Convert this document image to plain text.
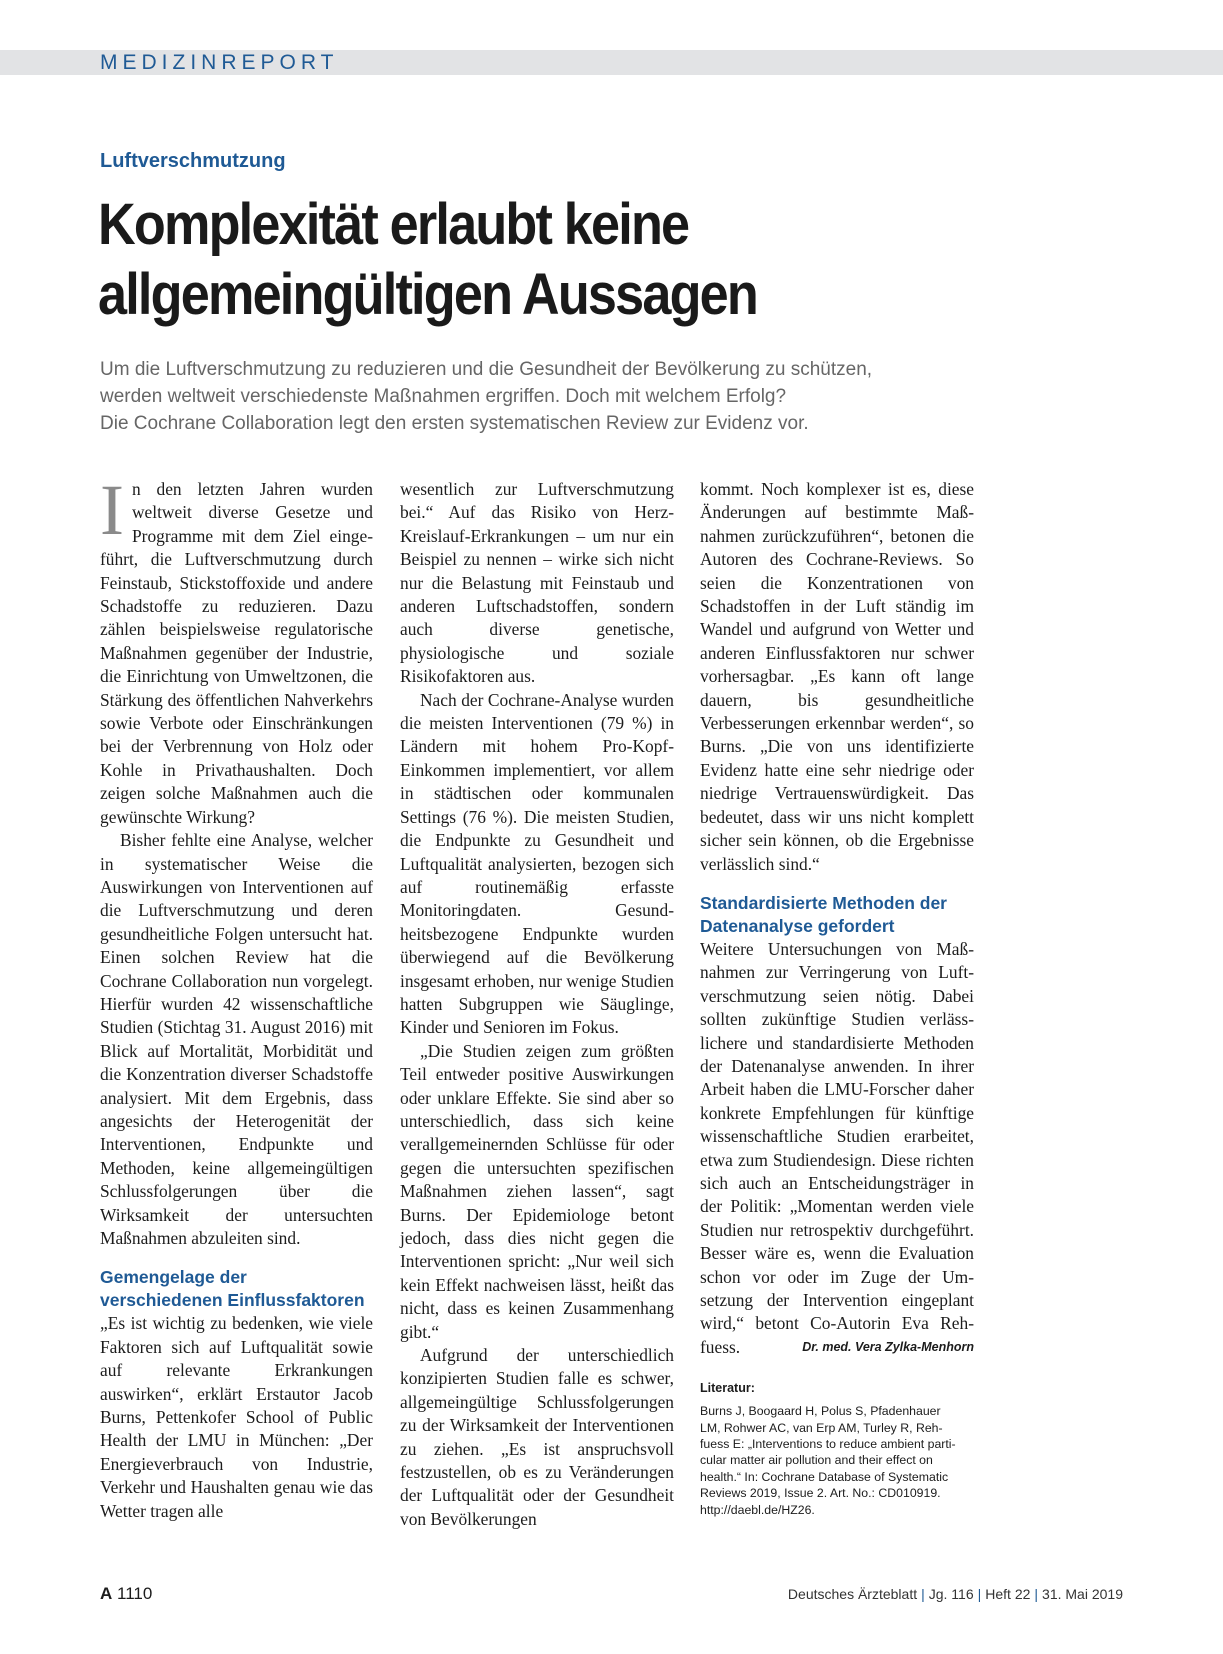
MEDIZINREPORT
Luftverschmutzung
Komplexität erlaubt keine
allgemeingültigen Aussagen
Um die Luftverschmutzung zu reduzieren und die Gesundheit der Bevölkerung zu schützen,
werden weltweit verschiedenste Maßnahmen ergriffen. Doch mit welchem Erfolg?
Die Cochrane Collaboration legt den ersten systematischen Review zur Evidenz vor.

In den letzten Jahren wurden weltweit diverse Gesetze und Programme mit dem Ziel eingeführt, die Luftverschmutzung durch Feinstaub, Stickstoffoxide und andere Schadstoffe zu reduzieren. Dazu zählen beispielsweise regulatorische Maßnahmen gegenüber der Industrie, die Einrichtung von Umweltzonen, die Stärkung des öffentlichen Nahverkehrs sowie Verbote oder Einschränkungen bei der Verbrennung von Holz oder Kohle in Privathaushalten. Doch zeigen solche Maßnahmen auch die gewünschte Wirkung?

Bisher fehlte eine Analyse, welcher in systematischer Weise die Auswirkungen von Interventionen auf die Luftverschmutzung und deren gesundheitliche Folgen untersucht hat. Einen solchen Review hat die Cochrane Collaboration nun vorgelegt. Hierfür wurden 42 wissenschaftliche Studien (Stichtag 31. August 2016) mit Blick auf Mortalität, Morbidität und die Konzentration diverser Schadstoffe analysiert. Mit dem Ergebnis, dass angesichts der Heterogenität der Interventionen, Endpunkte und Methoden, keine allgemeingültigen Schlussfolgerungen über die Wirksamkeit der untersuchten Maßnahmen abzuleiten sind.

Gemengelage der verschiedenen Einflussfaktoren

„Es ist wichtig zu bedenken, wie viele Faktoren sich auf Luftqualität sowie auf relevante Erkrankungen auswirken“, erklärt Erstautor Jacob Burns, Pettenkofer School of Public Health der LMU in München: „Der Energieverbrauch von Industrie, Verkehr und Haushalten genau wie das Wetter tragen alle

wesentlich zur Luftverschmutzung bei.“ Auf das Risiko von Herz-Kreislauf-Erkrankungen – um nur ein Beispiel zu nennen – wirke sich nicht nur die Belastung mit Feinstaub und anderen Luftschadstoffen, sondern auch diverse genetische, physiologische und soziale Risikofaktoren aus.

Nach der Cochrane-Analyse wurden die meisten Interventionen (79 %) in Ländern mit hohem Pro-Kopf-Einkommen implementiert, vor allem in städtischen oder kommunalen Settings (76 %). Die meisten Studien, die Endpunkte zu Gesundheit und Luftqualität analysierten, bezogen sich auf routinemäßig erfasste Monitoringdaten. Gesundheitsbezogene Endpunkte wurden überwiegend auf die Bevölkerung insgesamt erhoben, nur wenige Studien hatten Subgruppen wie Säuglinge, Kinder und Senioren im Fokus.

„Die Studien zeigen zum größten Teil entweder positive Auswirkungen oder unklare Effekte. Sie sind aber so unterschiedlich, dass sich keine verallgemeinernden Schlüsse für oder gegen die untersuchten spezifischen Maßnahmen ziehen lassen“, sagt Burns. Der Epidemiologe betont jedoch, dass dies nicht gegen die Interventionen spricht: „Nur weil sich kein Effekt nachweisen lässt, heißt das nicht, dass es keinen Zusammenhang gibt.“

Aufgrund der unterschiedlich konzipierten Studien falle es schwer, allgemeingültige Schlussfolgerungen zu der Wirksamkeit der Interventionen zu ziehen. „Es ist anspruchsvoll festzustellen, ob es zu Veränderungen der Luftqualität oder der Gesundheit von Bevölkerungen

kommt. Noch komplexer ist es, diese Änderungen auf bestimmte Maßnahmen zurückzuführen“, betonen die Autoren des Cochrane-Reviews. So seien die Konzentrationen von Schadstoffen in der Luft ständig im Wandel und aufgrund von Wetter und anderen Einflussfaktoren nur schwer vorhersagbar. „Es kann oft lange dauern, bis gesundheitliche Verbesserungen erkennbar werden“, so Burns. „Die von uns identifizierte Evidenz hatte eine sehr niedrige oder niedrige Vertrauenswürdigkeit. Das bedeutet, dass wir uns nicht komplett sicher sein können, ob die Ergebnisse verlässlich sind.“

Standardisierte Methoden der Datenanalyse gefordert

Weitere Untersuchungen von Maßnahmen zur Verringerung von Luftverschmutzung seien nötig. Dabei sollten zukünftige Studien verlässlichere und standardisierte Methoden der Datenanalyse anwenden. In ihrer Arbeit haben die LMU-Forscher daher konkrete Empfehlungen für künftige wissenschaftliche Studien erarbeitet, etwa zum Studiendesign. Diese richten sich auch an Entscheidungsträger in der Politik: „Momentan werden viele Studien nur retrospektiv durchgeführt. Besser wäre es, wenn die Evaluation schon vor oder im Zuge der Umsetzung der Intervention eingeplant wird,“ betont Co-Autorin Eva Rehfuess.	Dr. med. Vera Zylka-Menhorn

Literatur:
Burns J, Boogaard H, Polus S, Pfadenhauer
LM, Rohwer AC, van Erp AM, Turley R, Reh-
fuess E: „Interventions to reduce ambient parti-
cular matter air pollution and their effect on
health.“ In: Cochrane Database of Systematic
Reviews 2019, Issue 2. Art. No.: CD010919.
http://daebl.de/HZ26.
A 1110	Deutsches Ärzteblatt | Jg. 116 | Heft 22 | 31. Mai 2019
